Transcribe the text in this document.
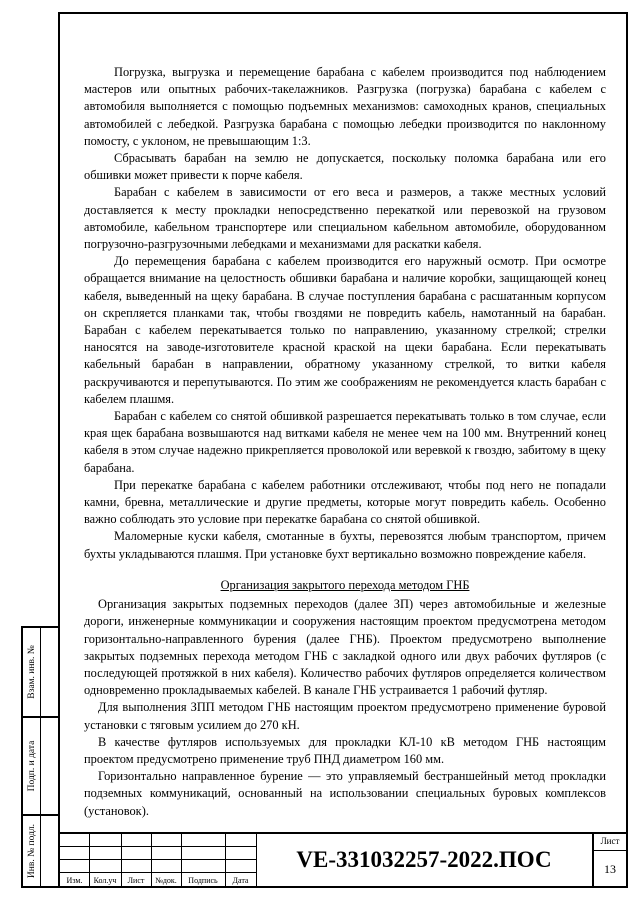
Взам. инв. №
Подп. и дата
Инв. № подл.

Погрузка, выгрузка и перемещение барабана с кабелем производится под наблюдением мастеров или опытных рабочих-такелажников. Разгрузка (погрузка) барабана с кабелем с автомобиля выполняется с помощью подъемных механизмов: самоходных кранов, специальных автомобилей с лебедкой. Разгрузка барабана с помощью лебедки производится по наклонному помосту, с уклоном, не превышающим 1:3.

Сбрасывать барабан на землю не допускается, поскольку поломка барабана или его обшивки может привести к порче кабеля.

Барабан с кабелем в зависимости от его веса и размеров, а также местных условий доставляется к месту прокладки непосредственно перекаткой или перевозкой на грузовом автомобиле, кабельном транспортере или специальном кабельном автомобиле, оборудованном погрузочно-разгрузочными лебедками и механизмами для раскатки кабеля.

До перемещения барабана с кабелем производится его наружный осмотр. При осмотре обращается внимание на целостность обшивки барабана и наличие коробки, защищающей конец кабеля, выведенный на щеку барабана. В случае поступления барабана с расшатанным корпусом он скрепляется планками так, чтобы гвоздями не повредить кабель, намотанный на барабан. Барабан с кабелем перекатывается только по направлению, указанному стрелкой; стрелки наносятся на заводе-изготовителе красной краской на щеки барабана. Если перекатывать кабельный барабан в направлении, обратному указанному стрелкой, то витки кабеля раскручиваются и перепутываются. По этим же соображениям не рекомендуется класть барабан с кабелем плашмя.

Барабан с кабелем со снятой обшивкой разрешается перекатывать только в том случае, если края щек барабана возвышаются над витками кабеля не менее чем на 100 мм. Внутренний конец кабеля в этом случае надежно прикрепляется проволокой или веревкой к гвоздю, забитому в щеку барабана.

При перекатке барабана с кабелем работники отслеживают, чтобы под него не попадали камни, бревна, металлические и другие предметы, которые могут повредить кабель. Особенно важно соблюдать это условие при перекатке барабана со снятой обшивкой.

Маломерные куски кабеля, смотанные в бухты, перевозятся любым транспортом, причем бухты укладываются плашмя. При установке бухт вертикально возможно повреждение кабеля.

Организация закрытого перехода методом ГНБ

Организация закрытых подземных переходов (далее ЗП) через автомобильные и железные дороги, инженерные коммуникации и сооружения настоящим проектом предусмотрена методом горизонтально-направленного бурения (далее ГНБ). Проектом предусмотрено выполнение закрытых подземных перехода методом ГНБ с закладкой одного или двух рабочих футляров (с последующей протяжкой в них кабеля). Количество рабочих футляров определяется количеством одновременно прокладываемых кабелей. В канале ГНБ устраивается 1 рабочий футляр.

Для выполнения ЗПП методом ГНБ настоящим проектом предусмотрено применение буровой установки с тяговым усилием до 270 кН.

В качестве футляров используемых для прокладки КЛ-10 кВ методом ГНБ настоящим проектом предусмотрено применение труб ПНД диаметром 160 мм.

Горизонтально направленное бурение — это управляемый бестраншейный метод прокладки подземных коммуникаций, основанный на использовании специальных буровых комплексов (установок).

Изм.	Кол.уч	Лист	№док.	Подпись	Дата
VE-331032257-2022.ПОС
Лист
13
